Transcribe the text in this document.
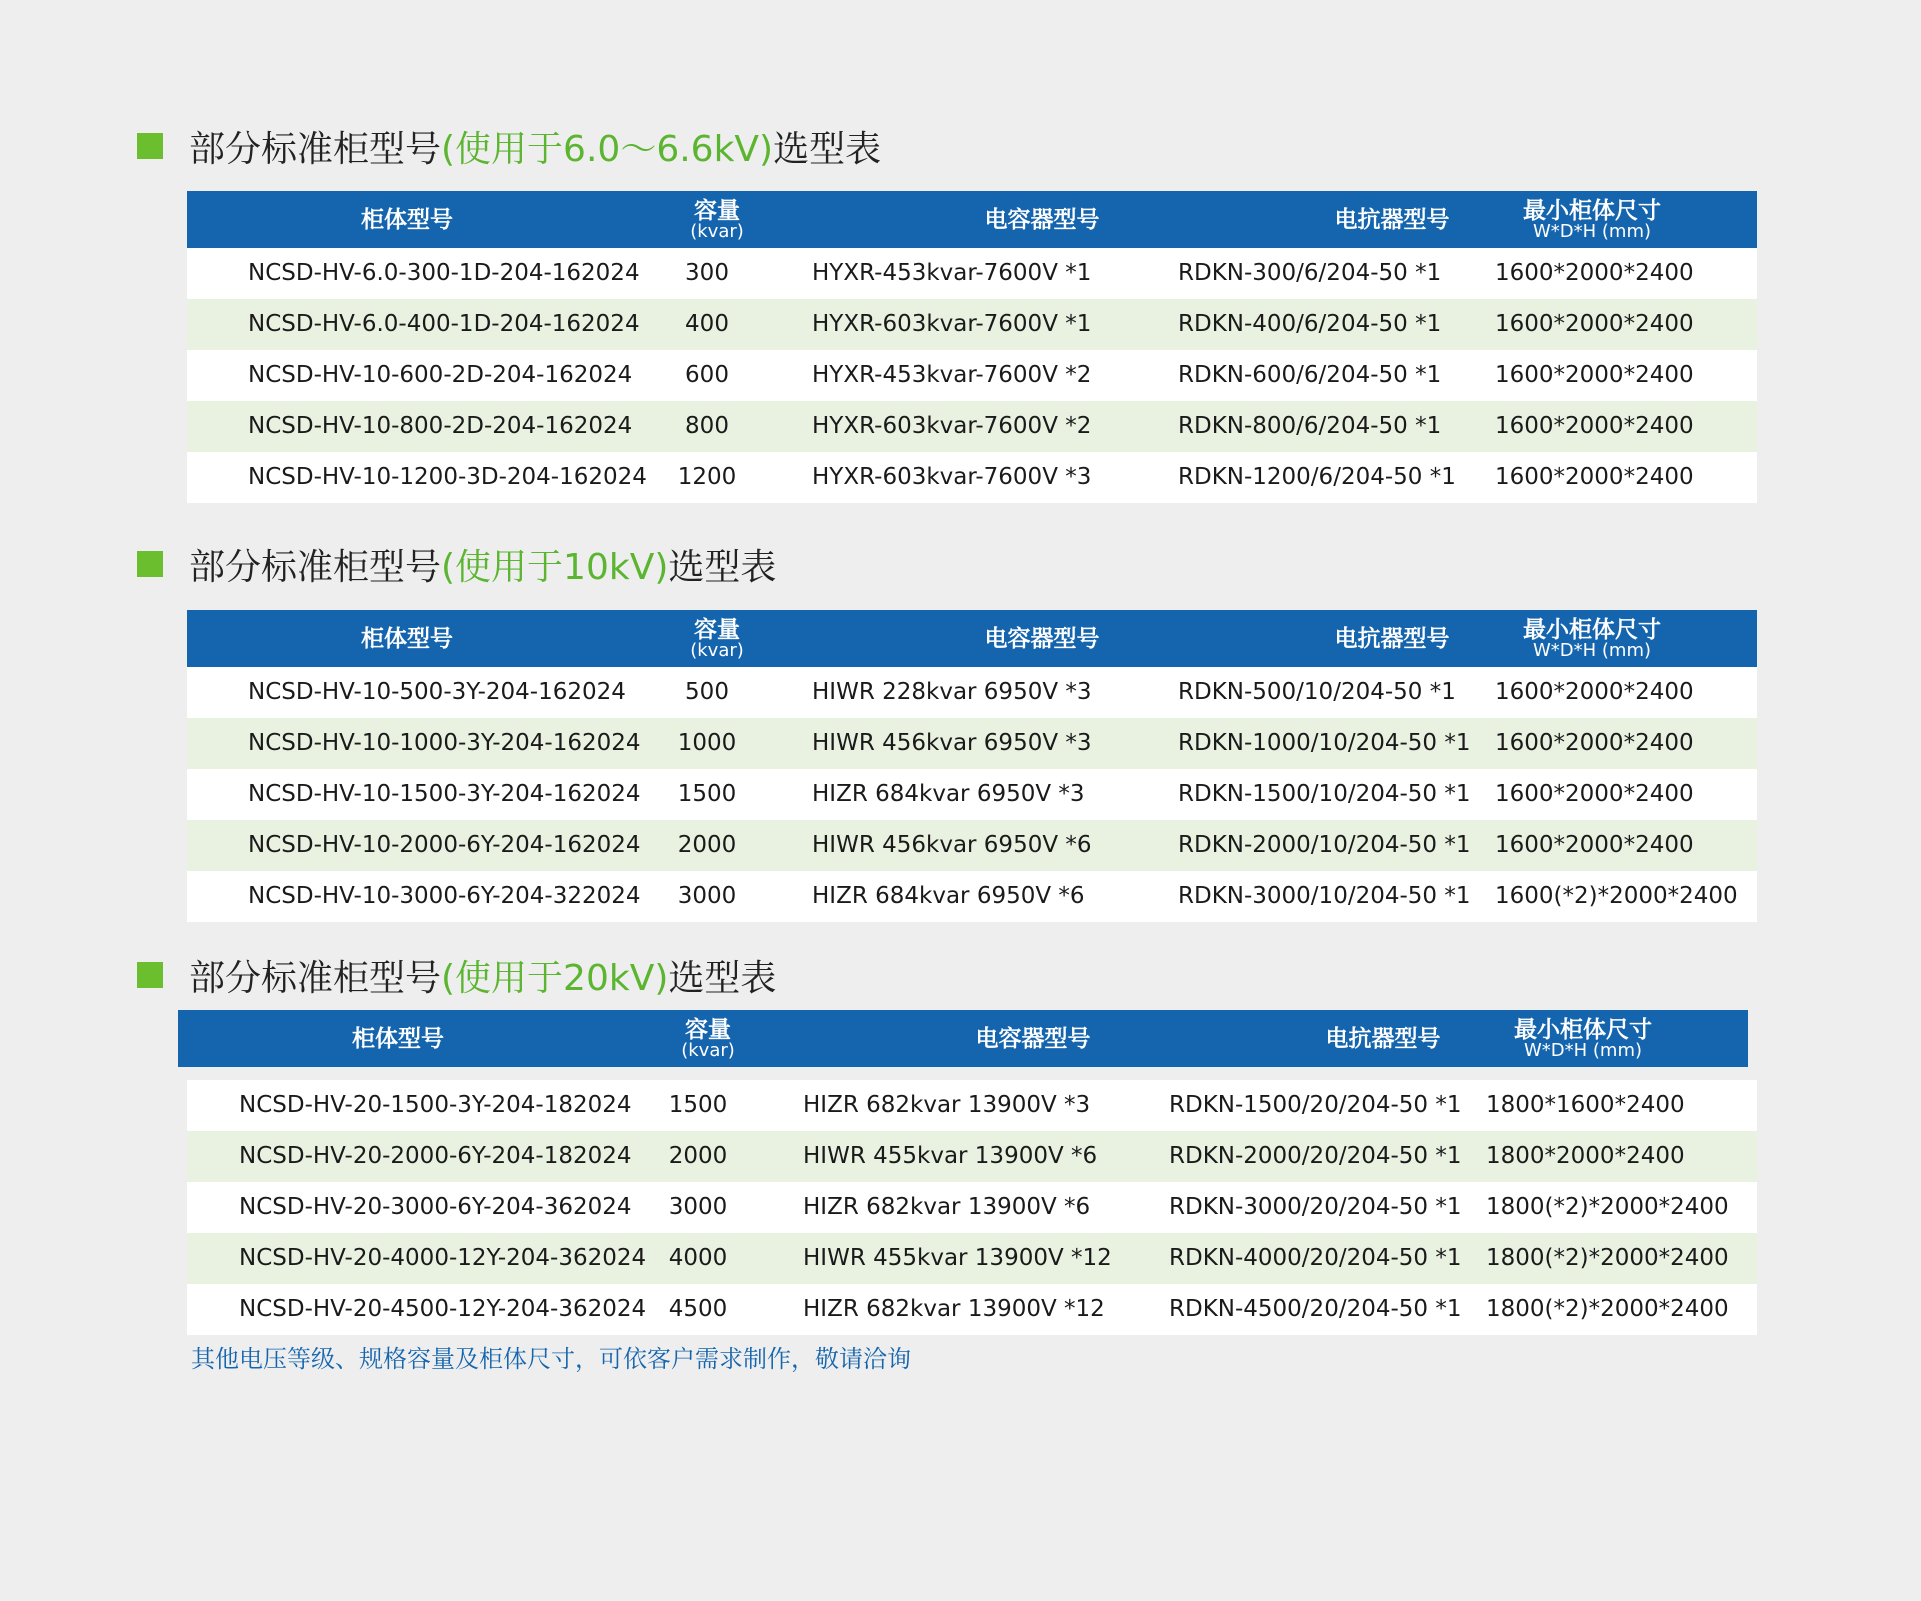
部分标准柜型号 (使用于6.0～6.6kV) 选型表
柜体型号	容量
(kvar)	电容器型号	电抗器型号	最小柜体尺寸
W*D*H (mm)
NCSD-HV-6.0-300-1D-204-162024	300	HYXR-453kvar-7600V *1	RDKN-300/6/204-50 *1 1600*2000*2400
NCSD-HV-6.0-400-1D-204-162024	400	HYXR-603kvar-7600V *1	RDKN-400/6/204-50 *1 1600*2000*2400
NCSD-HV-10-600-2D-204-162024	600	HYXR-453kvar-7600V *2	RDKN-600/6/204-50 *1 1600*2000*2400
NCSD-HV-10-800-2D-204-162024	800	HYXR-603kvar-7600V *2	RDKN-800/6/204-50 *1 1600*2000*2400
NCSD-HV-10-1200-3D-204-162024	1200	HYXR-603kvar-7600V *3	RDKN-1200/6/204-50 *1 1600*2000*2400
部分标准柜型号 (使用于10kV) 选型表
柜体型号	容量
(kvar)	电容器型号	电抗器型号	最小柜体尺寸
W*D*H (mm)
NCSD-HV-10-500-3Y-204-162024	500	HIWR 228kvar 6950V *3	RDKN-500/10/204-50 *1 1600*2000*2400
NCSD-HV-10-1000-3Y-204-162024	1000	HIWR 456kvar 6950V *3	RDKN-1000/10/204-50 *1 1600*2000*2400
NCSD-HV-10-1500-3Y-204-162024	1500	HIZR 684kvar 6950V *3	RDKN-1500/10/204-50 *1 1600*2000*2400
NCSD-HV-10-2000-6Y-204-162024	2000	HIWR 456kvar 6950V *6	RDKN-2000/10/204-50 *1 1600*2000*2400
NCSD-HV-10-3000-6Y-204-322024	3000	HIZR 684kvar 6950V *6	RDKN-3000/10/204-50 *1 1600(*2)*2000*2400
部分标准柜型号 (使用于20kV) 选型表
柜体型号	容量
(kvar)	电容器型号	电抗器型号	最小柜体尺寸
W*D*H (mm)
NCSD-HV-20-1500-3Y-204-182024	1500	HIZR 682kvar 13900V *3	RDKN-1500/20/204-50 *1 1800*1600*2400
NCSD-HV-20-2000-6Y-204-182024	2000	HIWR 455kvar 13900V *6	RDKN-2000/20/204-50 *1 1800*2000*2400
NCSD-HV-20-3000-6Y-204-362024	3000	HIZR 682kvar 13900V *6	RDKN-3000/20/204-50 *1 1800(*2)*2000*2400
NCSD-HV-20-4000-12Y-204-362024 4000	HIWR 455kvar 13900V *12 RDKN-4000/20/204-50 *1 1800(*2)*2000*2400
NCSD-HV-20-4500-12Y-204-362024 4500	HIZR 682kvar 13900V *12	RDKN-4500/20/204-50 *1 1800(*2)*2000*2400
其他电压等级、规格容量及柜体尺寸，可依客户需求制作，敬请洽询
